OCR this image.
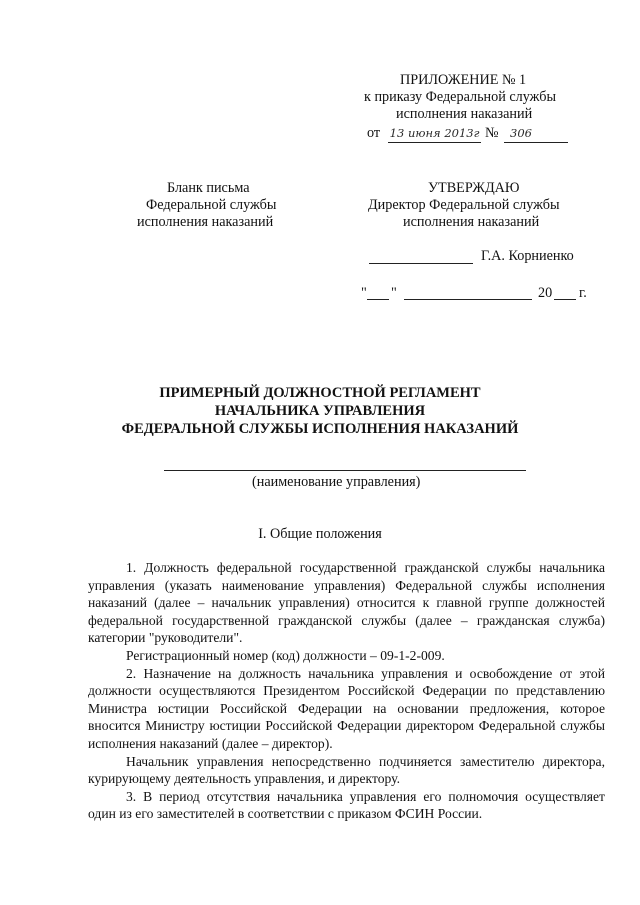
ПРИЛОЖЕНИЕ № 1
к приказу Федеральной службы
исполнения наказаний
от 13 июня 2013г № 306
Бланк письма
Федеральной службы
исполнения наказаний
УТВЕРЖДАЮ
Директор Федеральной службы
исполнения наказаний
Г.А. Корниенко
" "	20 г.
ПРИМЕРНЫЙ ДОЛЖНОСТНОЙ РЕГЛАМЕНТ
НАЧАЛЬНИКА УПРАВЛЕНИЯ
ФЕДЕРАЛЬНОЙ СЛУЖБЫ ИСПОЛНЕНИЯ НАКАЗАНИЙ
(наименование управления)
I. Общие положения

1. Должность федеральной государственной гражданской службы начальника управления (указать наименование управления) Федеральной службы исполнения наказаний (далее – начальник управления) относится к главной группе должностей федеральной государственной гражданской службы (далее – гражданская служба) категории "руководители".

Регистрационный номер (код) должности – 09-1-2-009.

2. Назначение на должность начальника управления и освобождение от этой должности осуществляются Президентом Российской Федерации по представлению Министра юстиции Российской Федерации на основании предложения, которое вносится Министру юстиции Российской Федерации директором Федеральной службы исполнения наказаний (далее – директор).

Начальник управления непосредственно подчиняется заместителю директора, курирующему деятельность управления, и директору.

3. В период отсутствия начальника управления его полномочия осуществляет один из его заместителей в соответствии с приказом ФСИН России.
